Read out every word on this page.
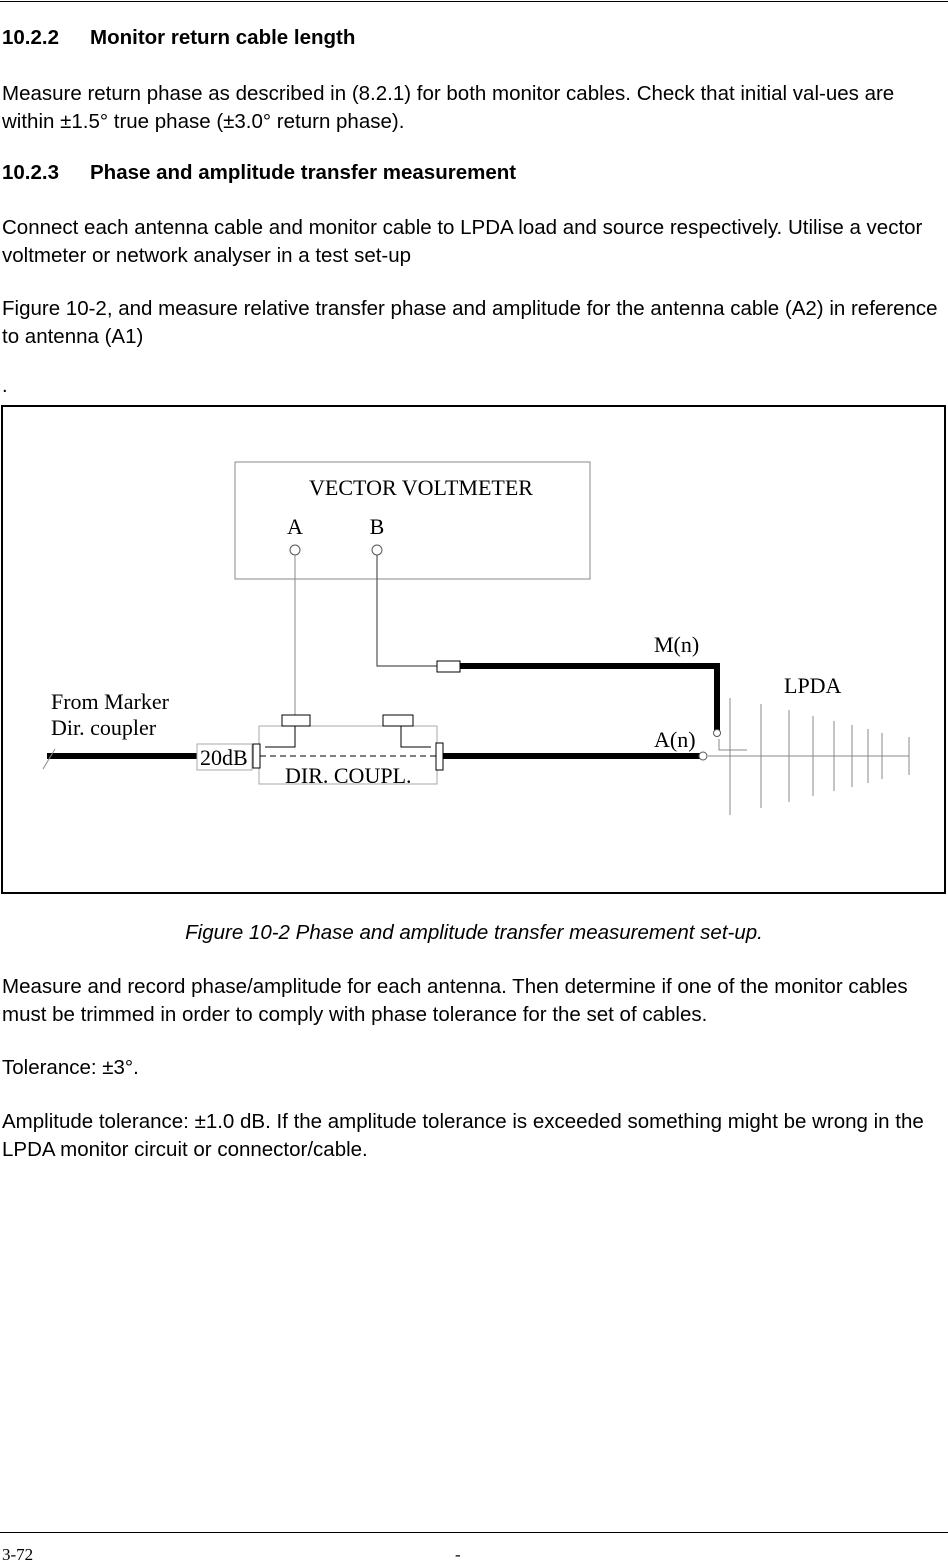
10.2.2 Monitor return cable length
Measure return phase as described in (8.2.1) for both monitor cables. Check that initial val-ues are within ±1.5° true phase (±3.0° return phase).
10.2.3 Phase and amplitude transfer measurement
Connect each antenna cable and monitor cable to LPDA load and source respectively. Utilise a vector voltmeter or network analyser in a test set-up
Figure 10-2, and measure relative transfer phase and amplitude for the antenna cable (A2) in reference to antenna (A1)
.
VECTOR VOLTMETER
A	B
M(n)
From Marker
Dir. coupler
20dB
DIR. COUPL.
A(n)
LPDA
Figure 10-2 Phase and amplitude transfer measurement set-up.
Measure and record phase/amplitude for each antenna. Then determine if one of the monitor cables must be trimmed in order to comply with phase tolerance for the set of cables.
Tolerance: ±3°.
Amplitude tolerance: ±1.0 dB. If the amplitude tolerance is exceeded something might be wrong in the LPDA monitor circuit or connector/cable.
3-72	-
